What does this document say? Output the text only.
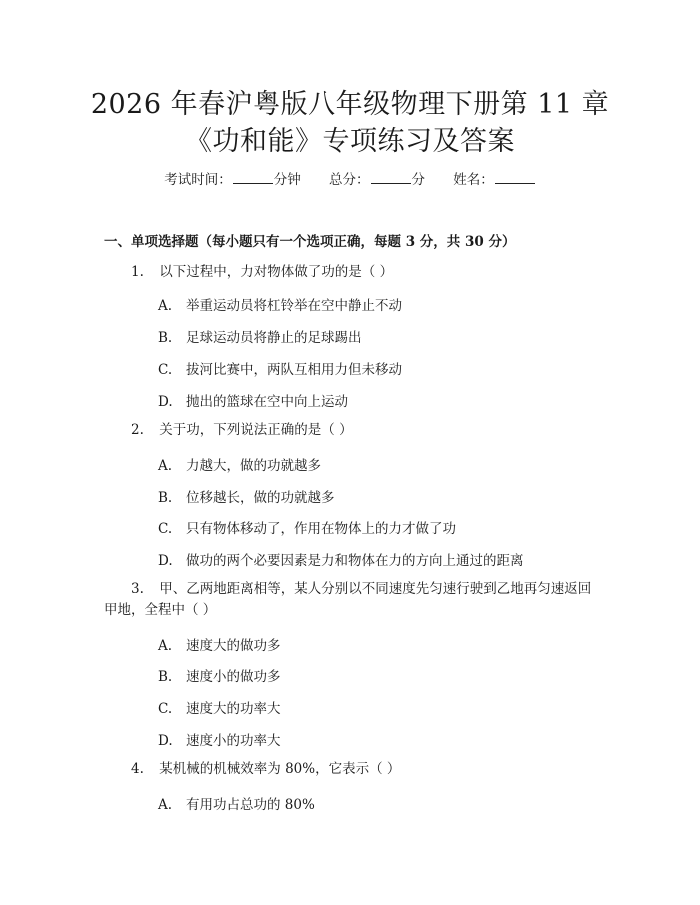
2026 年春沪粤版八年级物理下册第 11 章
《功和能》专项练习及答案
考试时间：	分钟 总分：	分 姓名：
一、单项选择题（每小题只有一个选项正确，每题 3 分，共 30 分）
1. 以下过程中，力对物体做了功的是（ ）
A. 举重运动员将杠铃举在空中静止不动
B. 足球运动员将静止的足球踢出
C. 拔河比赛中，两队互相用力但未移动
D. 抛出的篮球在空中向上运动
2. 关于功，下列说法正确的是（ ）
A. 力越大，做的功就越多
B. 位移越长，做的功就越多
C. 只有物体移动了，作用在物体上的力才做了功
D. 做功的两个必要因素是力和物体在力的方向上通过的距离
3. 甲、乙两地距离相等，某人分别以不同速度先匀速行驶到乙地再匀速返回
甲地，全程中（ ）
A. 速度大的做功多
B. 速度小的做功多
C. 速度大的功率大
D. 速度小的功率大
4. 某机械的机械效率为 80%，它表示（ ）
A. 有用功占总功的 80%
